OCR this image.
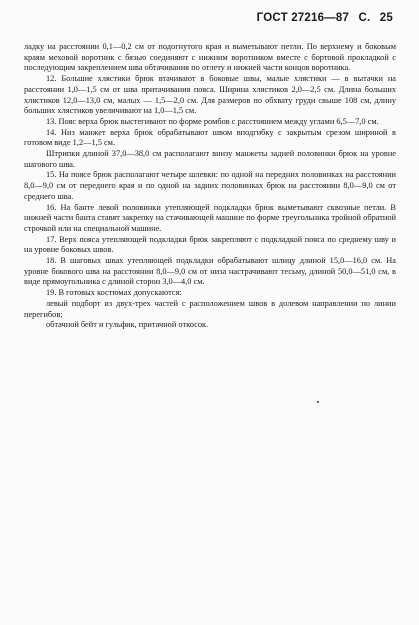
ГОСТ 27216—87 С. 25

ладку на расстоянии 0,1—0,2 см от подогнутого края и выметывают петли. По верхнему и боковым краям меховой воротник с бязью соединяют с нижним воротником вместе с бортовой прокладкой с последующим закреплением шва обтачивания по отлету и нижней части концов воротника.

12. Большие хлястики брюк втачивают в боковые швы, малые хлястики — в вытачки на расстоянии 1,0—1,5 см от шва притачивания пояса. Ширина хлястиков 2,0—2,5 см. Длина больших хлястиков 12,0—13,0 см, малых — 1,5—2,0 см. Для размеров по обхвату груди свыше 108 см, длину больших хлястиков увеличивают на 1,0—1,5 см.

13. Пояс верха брюк выстегивают по форме ромбов с расстоянием между углами 6,5—7,0 см.

14. Низ манжет верха брюк обрабатывают швом вподгибку с закрытым срезом шириной в готовом виде 1,2—1,5 см.

Штрипки длиной 37,0—38,0 см располагают внизу манжеты задней половинки брюк на уровне шагового шва.

15. На поясе брюк располагают четыре шлевки: по одной на передних половинках на расстоянии 8,0—9,0 см от переднего края и по одной на задних половинках брюк на расстоянии 8,0—9,0 см от среднего шва.

16. На банте левой половинки утепляющей подкладки брюк выметывают сквозные петли. В нижней части банта ставят закрепку на стачивающей машине по форме треугольника тройной обратной строчкой или на специальной машине.

17. Верх пояса утепляющей подкладки брюк закрепляют с подкладкой пояса по среднему шву и на уровне боковых швов.

18. В шаговых швах утепляющей подкладки обрабатывают шлицу длиной 15,0—16,0 см. На уровне бокового шва на расстоянии 8,0—9,0 см от низа настрачивают тесьму, длиной 50,0—51,0 см, в виде прямоугольника с длиной сторон 3,0—4,0 см.

19. В готовых костюмах допускаются:

левый подборт из двух-трех частей с расположением швов в долевом направлении по линии перегибов;

обтачной бейт и гульфик, притачной откосок.
